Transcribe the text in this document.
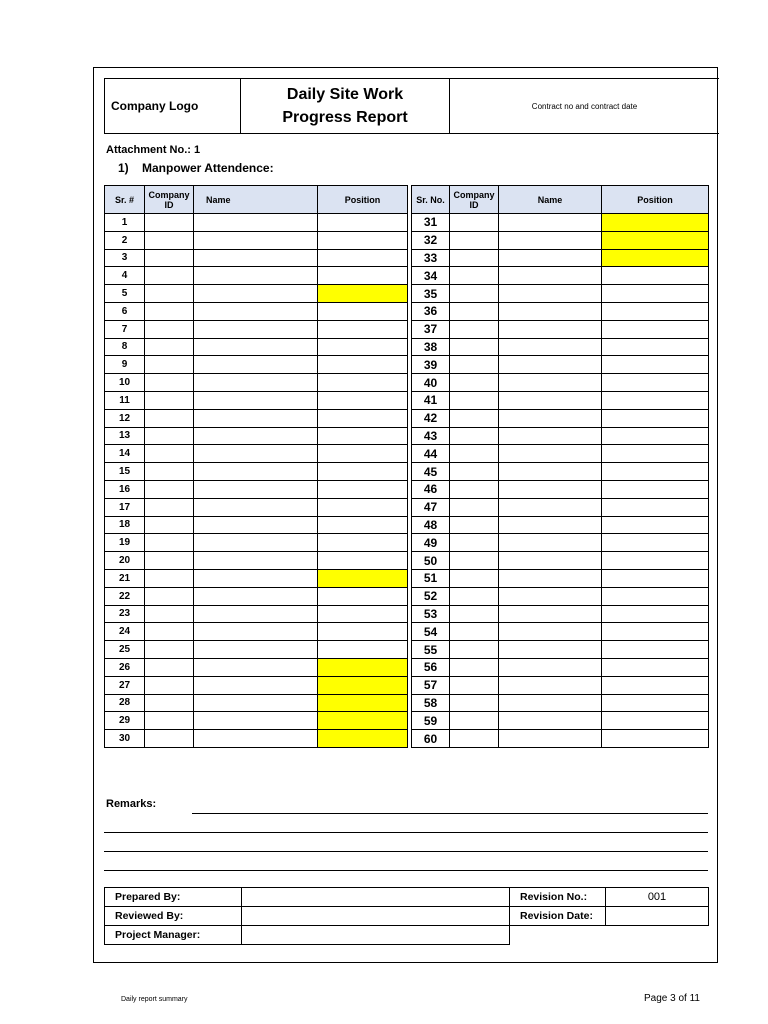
Company Logo
Daily Site Work
Progress Report
Contract no and contract date
Attachment No.: 1
1)    Manpower Attendence:
Sr. #	Company ID	Name	Position
1			
2			
3			
4			
5			
6			
7			
8			
9			
10			
11			
12			
13			
14			
15			
16			
17			
18			
19			
20			
21			
22			
23			
24			
25			
26			
27			
28			
29			
30			
Sr. No.	Company ID	Name	Position
31			
32			
33			
34			
35			
36			
37			
38			
39			
40			
41			
42			
43			
44			
45			
46			
47			
48			
49			
50			
51			
52			
53			
54			
55			
56			
57			
58			
59			
60			
Remarks:
Prepared By:		Revision No.:	001
Reviewed By:		Revision Date:	
Project Manager:			
Daily report summary	Page 3 of 11
